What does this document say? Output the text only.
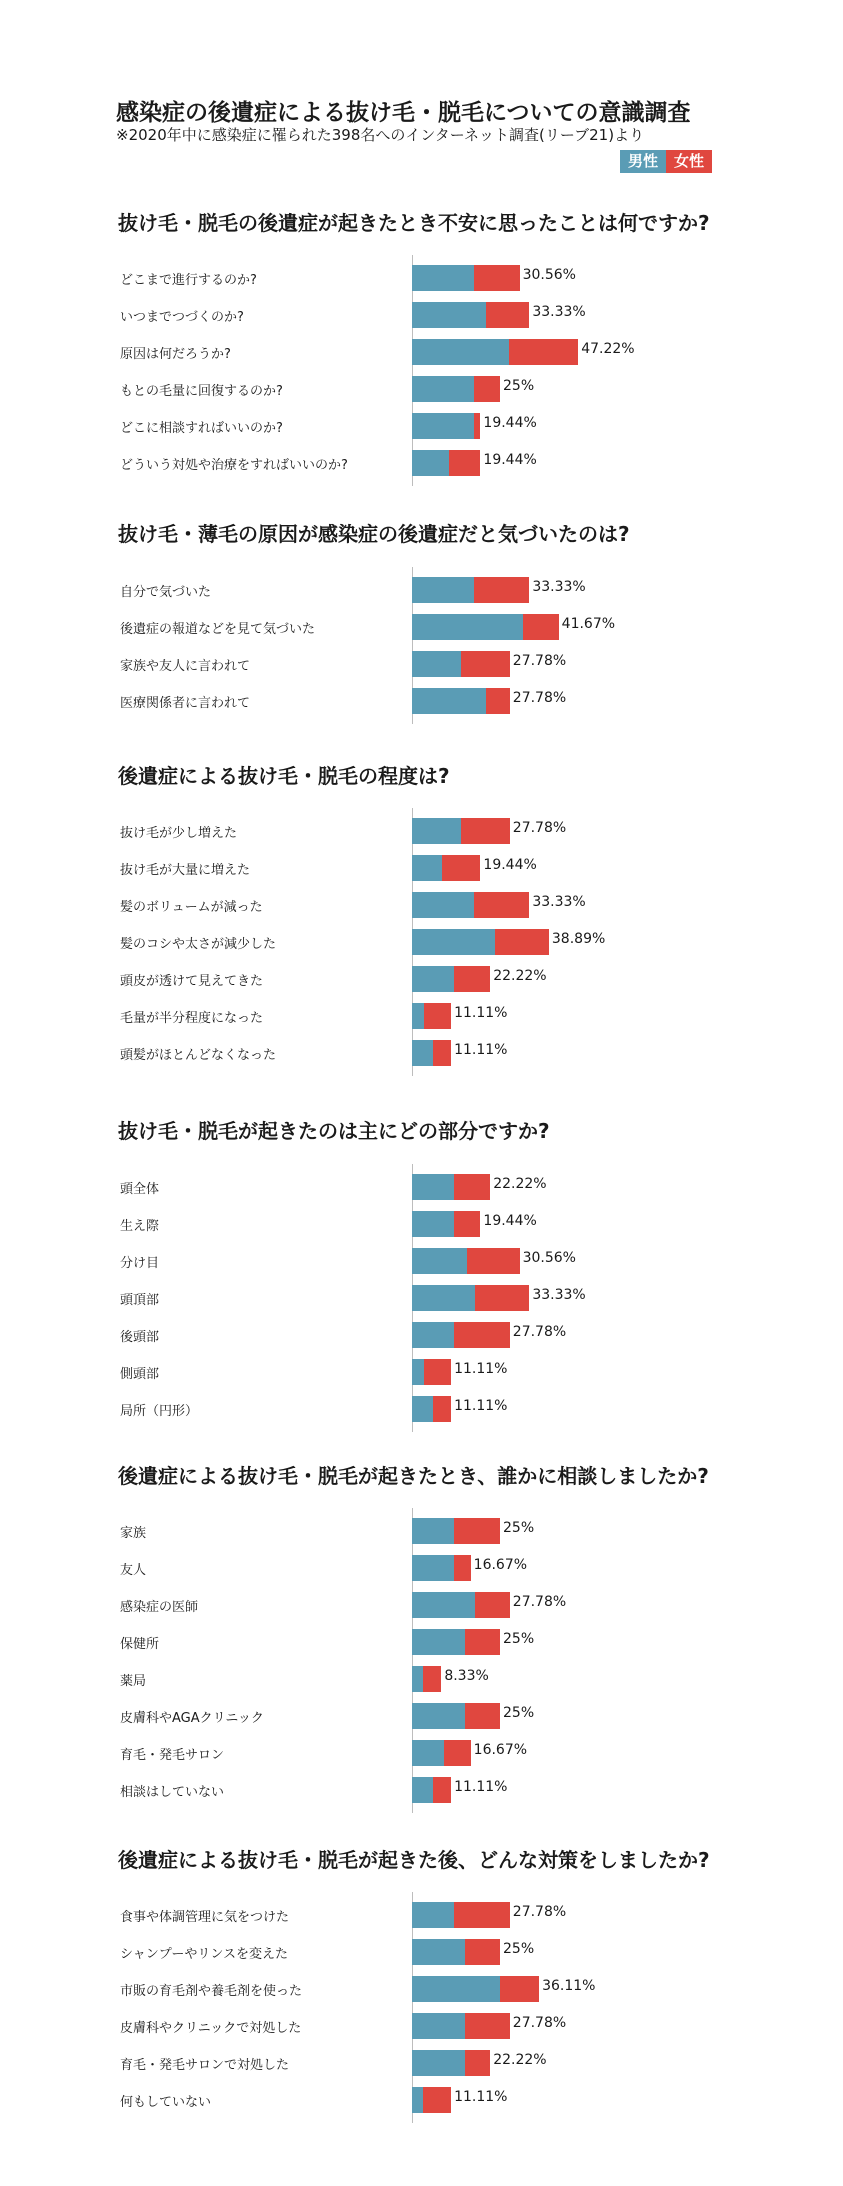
感染症の後遺症による抜け毛・脱毛についての意識調査
※2020年中に感染症に罹られた398名へのインターネット調査(リーブ21)より
男性	女性
抜け毛・脱毛の後遺症が起きたとき不安に思ったことは何ですか?
どこまで進行するのか?	30.56%
いつまでつづくのか?	33.33%
原因は何だろうか?	47.22%
もとの毛量に回復するのか?	25%
どこに相談すればいいのか?	19.44%
どういう対処や治療をすればいいのか?	19.44%
抜け毛・薄毛の原因が感染症の後遺症だと気づいたのは?
自分で気づいた	33.33%
後遺症の報道などを見て気づいた	41.67%
家族や友人に言われて	27.78%
医療関係者に言われて	27.78%
後遺症による抜け毛・脱毛の程度は?
抜け毛が少し増えた	27.78%
抜け毛が大量に増えた	19.44%
髪のボリュームが減った	33.33%
髪のコシや太さが減少した	38.89%
頭皮が透けて見えてきた	22.22%
毛量が半分程度になった	11.11%
頭髪がほとんどなくなった	11.11%
抜け毛・脱毛が起きたのは主にどの部分ですか?
頭全体	22.22%
生え際	19.44%
分け目	30.56%
頭頂部	33.33%
後頭部	27.78%
側頭部	11.11%
局所（円形）	11.11%
後遺症による抜け毛・脱毛が起きたとき、誰かに相談しましたか?
家族	25%
友人	16.67%
感染症の医師	27.78%
保健所	25%
薬局	8.33%
皮膚科やAGAクリニック	25%
育毛・発毛サロン	16.67%
相談はしていない	11.11%
後遺症による抜け毛・脱毛が起きた後、どんな対策をしましたか?
食事や体調管理に気をつけた	27.78%
シャンプーやリンスを変えた	25%
市販の育毛剤や養毛剤を使った	36.11%
皮膚科やクリニックで対処した	27.78%
育毛・発毛サロンで対処した	22.22%
何もしていない	11.11%
